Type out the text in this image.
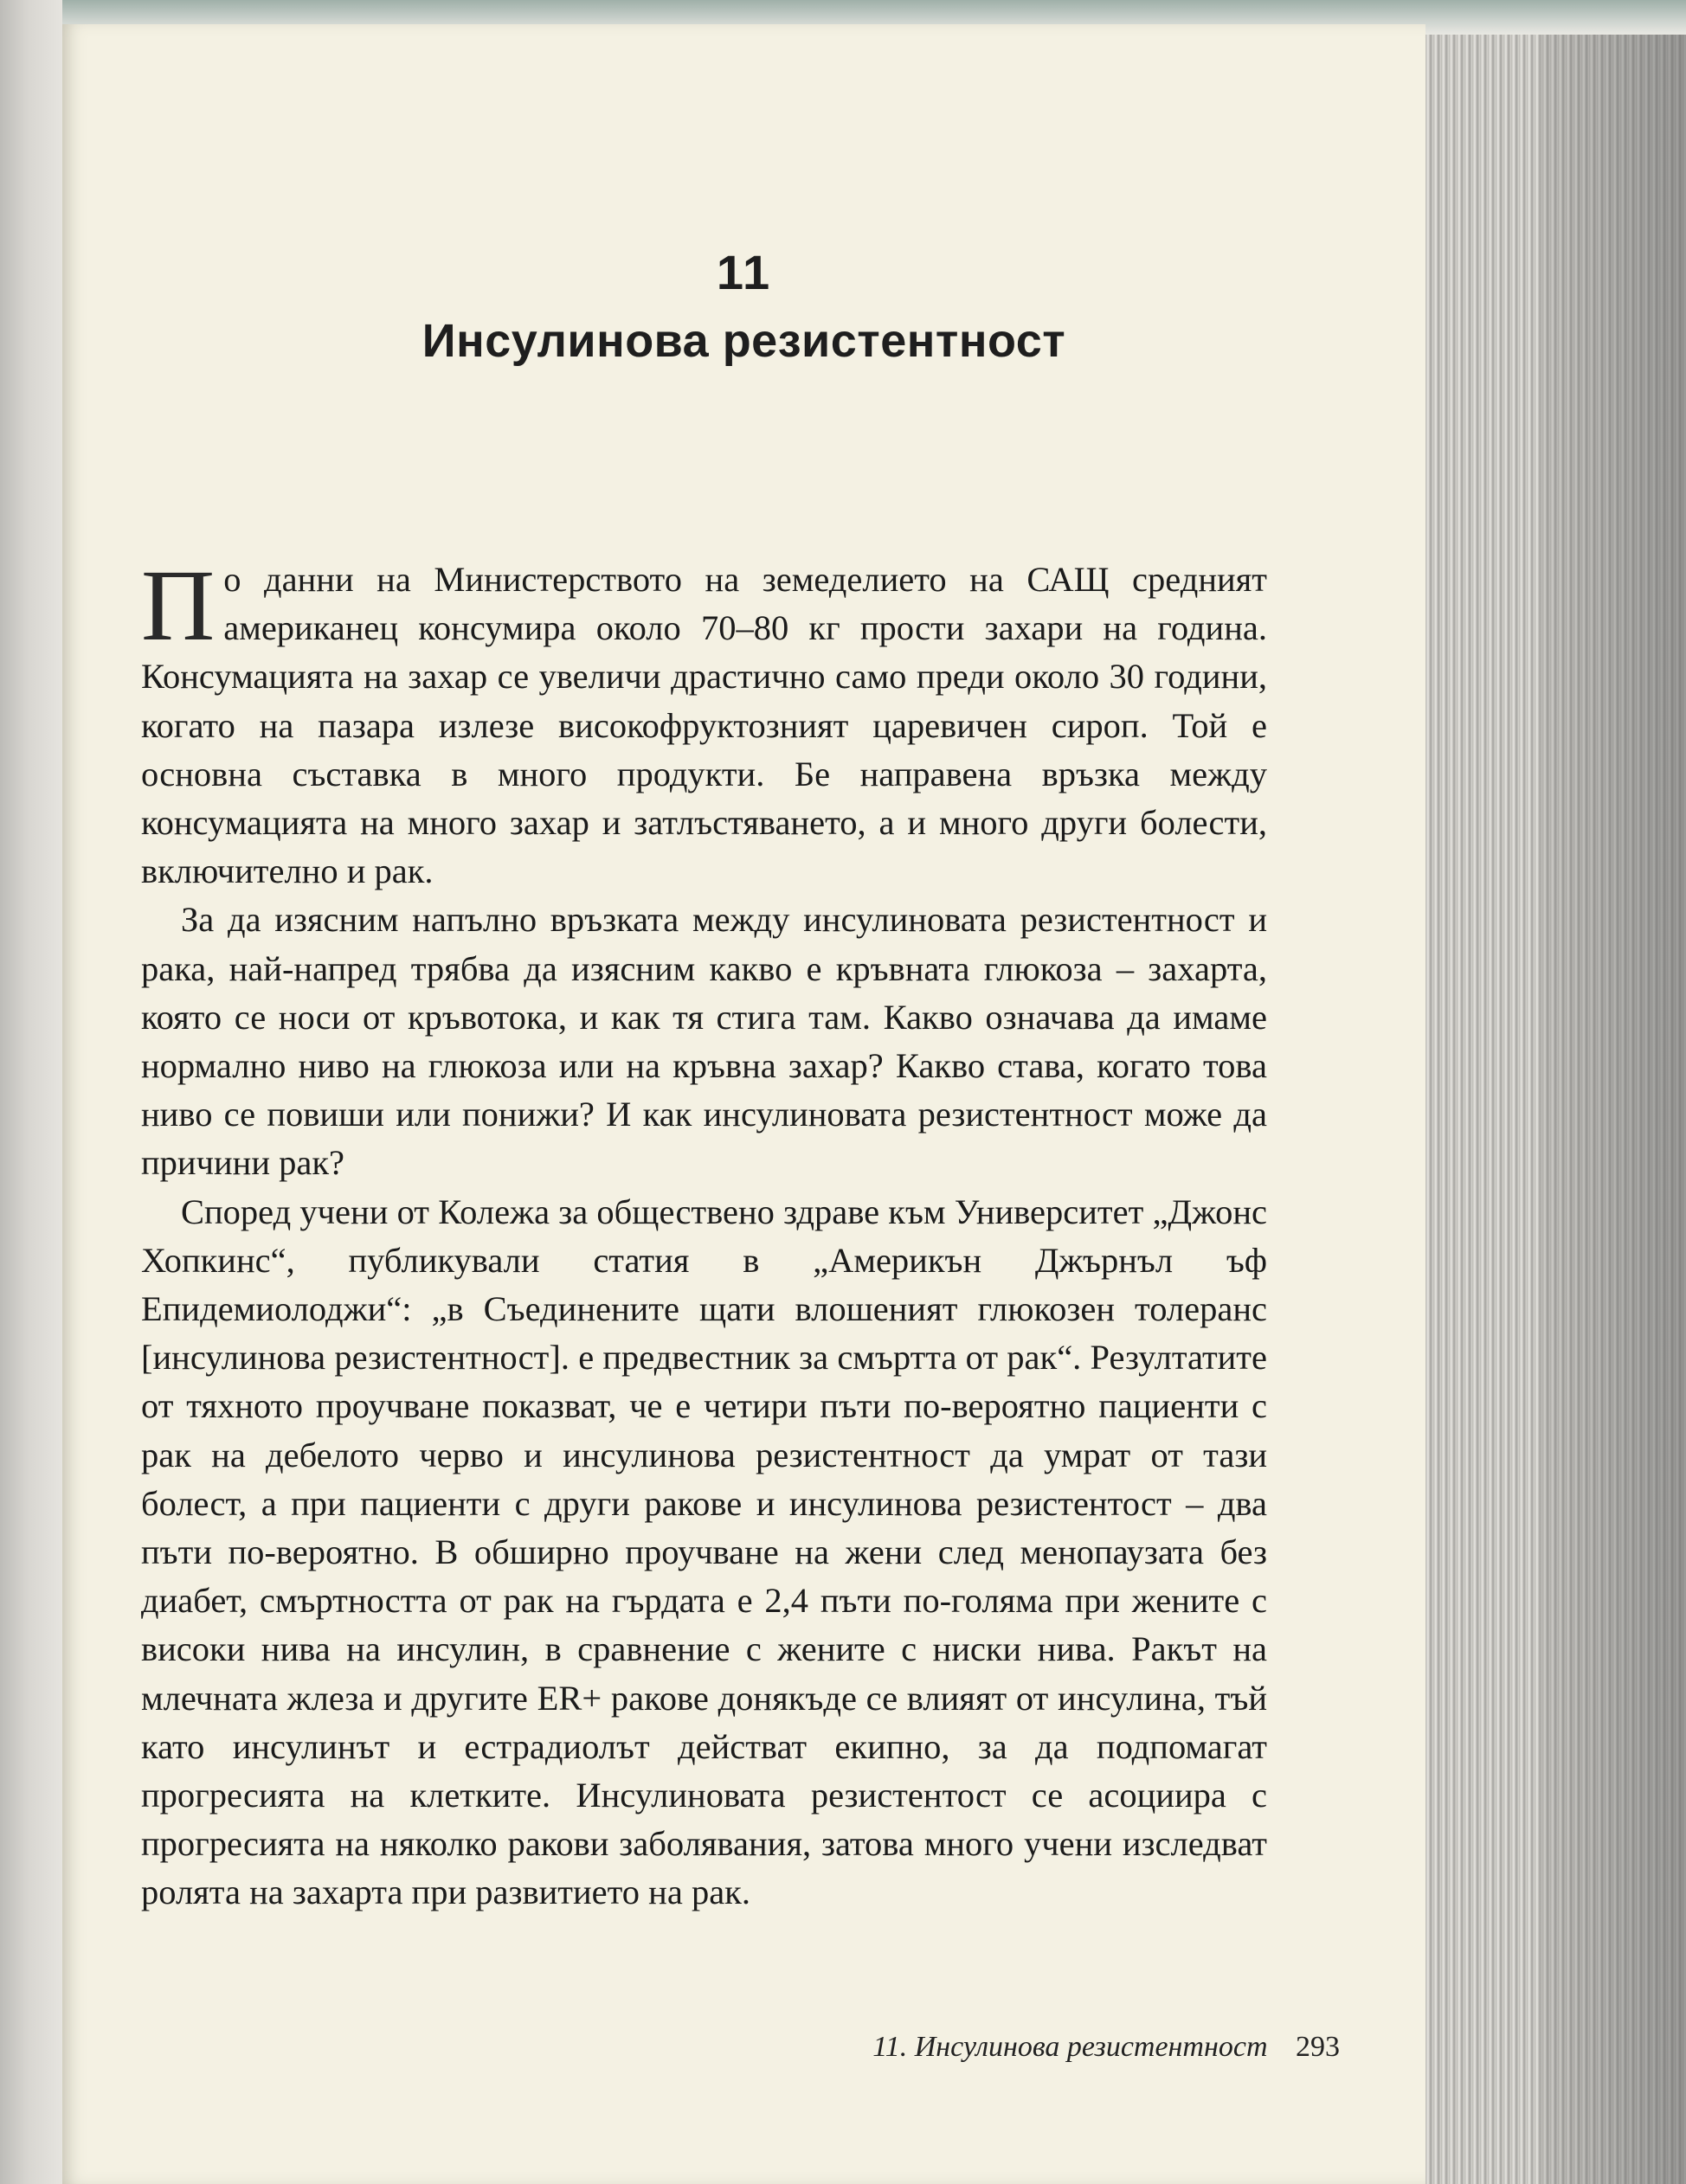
11
Инсулинова резистентност

По данни на Министерството на земеделието на САЩ средният американец консумира около 70–80 кг прости захари на година. Консумацията на захар се увеличи драстично само преди около 30 години, когато на пазара излезе високофруктозният царевичен сироп. Той е основна съставка в много продукти. Бе направена връзка между консумацията на много захар и затлъстяването, а и много други болести, включително и рак.

За да изясним напълно връзката между инсулиновата резистентност и рака, най-напред трябва да изясним какво е кръвната глюкоза – захарта, която се носи от кръвотока, и как тя стига там. Какво означава да имаме нормално ниво на глюкоза или на кръвна захар? Какво става, когато това ниво се повиши или понижи? И как инсулиновата резистентност може да причини рак?

Според учени от Колежа за обществено здраве към Университет „Джонс Хопкинс“, публикували статия в „Америкън Джърнъл ъф Епидемиолоджи“: „в Съединените щати влошеният глюкозен толеранс [инсулинова резистентност]. е предвестник за смъртта от рак“. Резултатите от тяхното проучване показват, че е четири пъти по-вероятно пациенти с рак на дебелото черво и инсулинова резистентност да умрат от тази болест, а при пациенти с други ракове и инсулинова резистентост – два пъти по-вероятно. В обширно проучване на жени след менопаузата без диабет, смъртността от рак на гърдата е 2,4 пъти по-голяма при жените с високи нива на инсулин, в сравнение с жените с ниски нива. Ракът на млечната жлеза и другите ER+ ракове донякъде се влияят от инсулина, тъй като инсулинът и естрадиолът действат екипно, за да подпомагат прогресията на клетките. Инсулиновата резистентост се асоциира с прогресията на няколко ракови заболявания, затова много учени изследват ролята на захарта при развитието на рак.

11. Инсулинова резистентност 293
